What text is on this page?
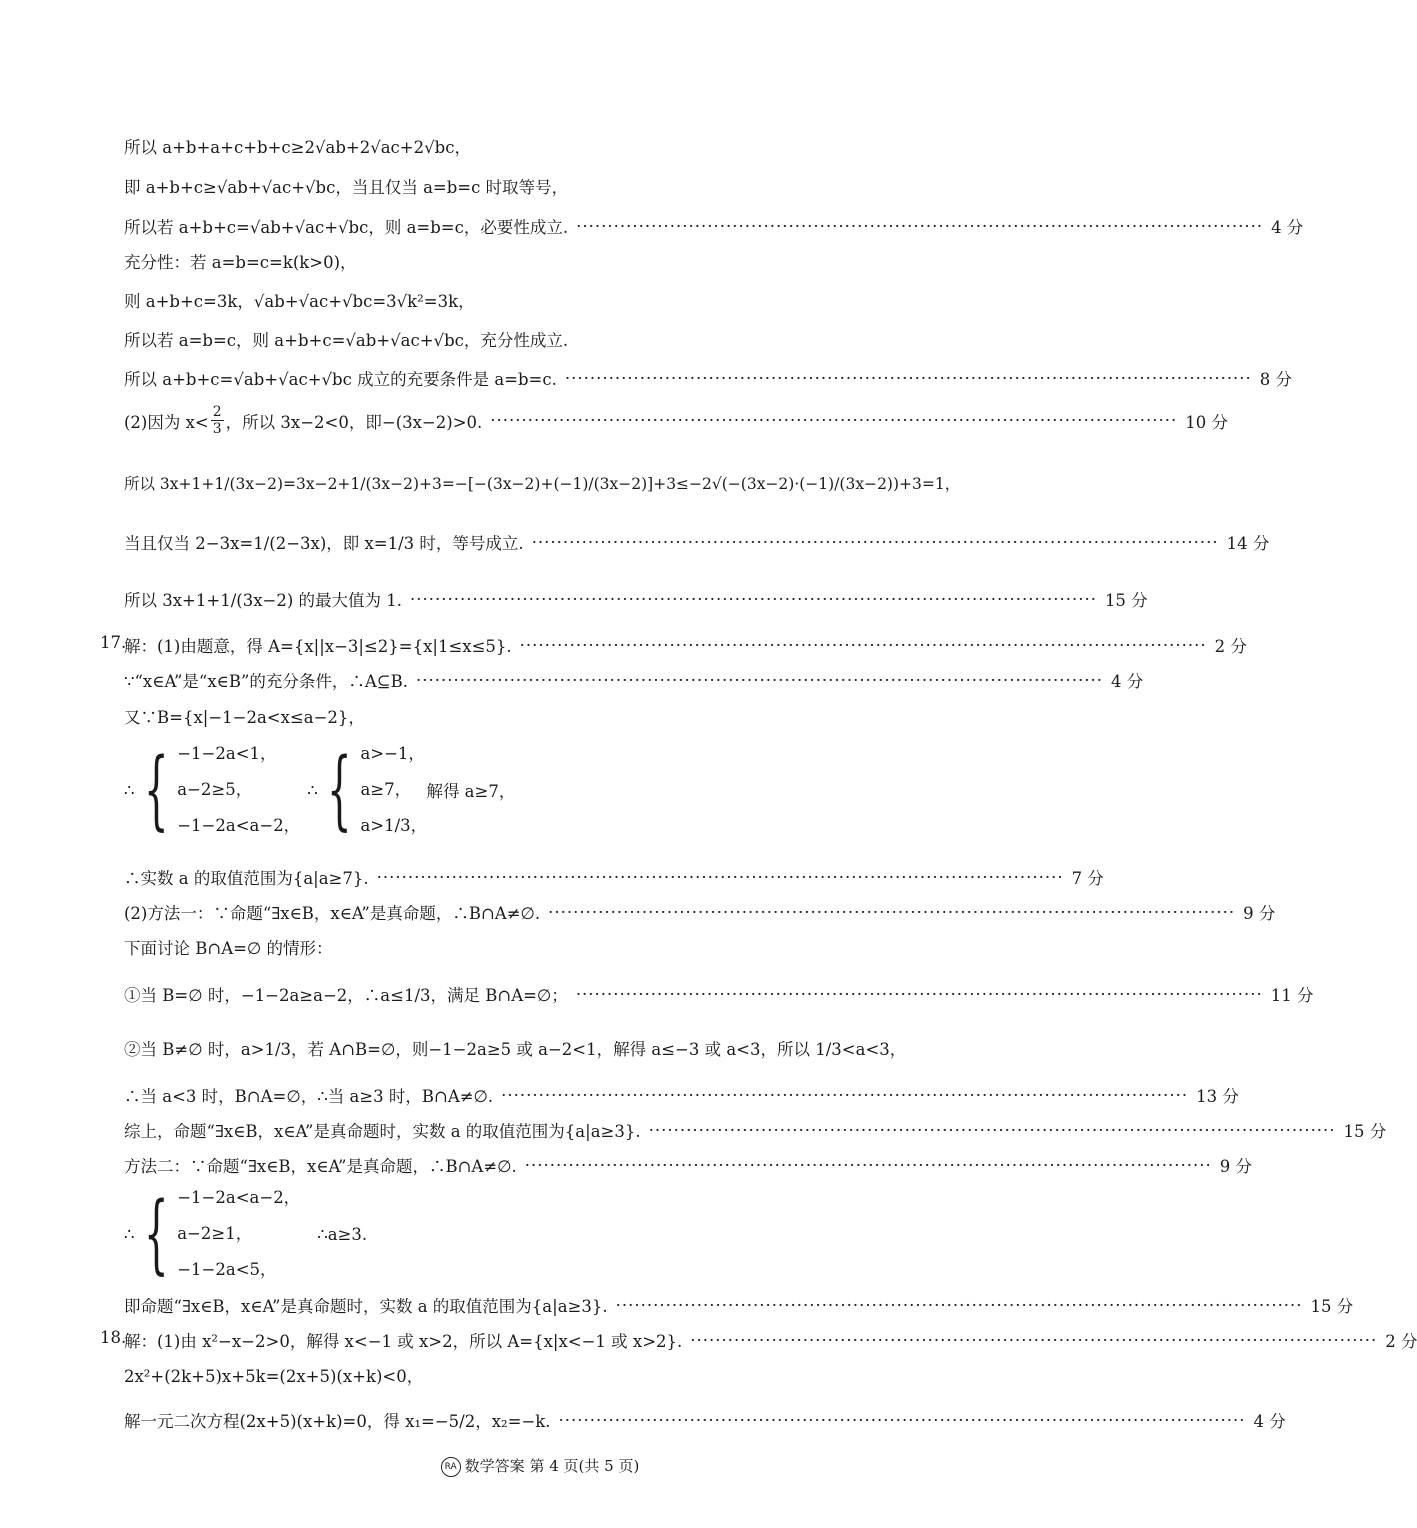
所以 a+b+a+c+b+c≥2√ab+2√ac+2√bc，
即 a+b+c≥√ab+√ac+√bc，当且仅当 a=b=c 时取等号，
所以若 a+b+c=√ab+√ac+√bc，则 a=b=c，必要性成立. ·············································································································· 4 分
充分性：若 a=b=c=k(k>0)，
则 a+b+c=3k，√ab+√ac+√bc=3√k²=3k，
所以若 a=b=c，则 a+b+c=√ab+√ac+√bc，充分性成立.
所以 a+b+c=√ab+√ac+√bc 成立的充要条件是 a=b=c. ·············································································································· 8 分
(2)因为 $x< \frac{2}{3}$ ，所以 3x−2<0，即−(3x−2)>0. ·············································································································· 10 分
所以 3x+1+1/(3x−2)=3x−2+1/(3x−2)+3=−[−(3x−2)+(−1)/(3x−2)]+3≤−2√(−(3x−2)·(−1)/(3x−2))+3=1，
当且仅当 2−3x=1/(2−3x)，即 x=1/3 时，等号成立. ·············································································································· 14 分
所以 3x+1+1/(3x−2) 的最大值为 1. ·············································································································· 15 分
17.
解：(1)由题意，得 A={x||x−3|≤2}={x|1≤x≤5}. ·············································································································· 2 分
∵“x∈A”是“x∈B”的充分条件，∴A⊆B. ·············································································································· 4 分
又∵B={x|−1−2a<x≤a−2}，
∴ { −1−2a<1，
a−2≥5，
−1−2a<a−2，
∴ { a>−1，
a≥7，
a>1/3，
解得 a≥7，
∴实数 a 的取值范围为{a|a≥7}. ·············································································································· 7 分
(2)方法一：∵命题“∃x∈B，x∈A”是真命题，∴B∩A≠∅. ·············································································································· 9 分
下面讨论 B∩A=∅ 的情形：
①当 B=∅ 时，−1−2a≥a−2，∴a≤1/3，满足 B∩A=∅； ·············································································································· 11 分
②当 B≠∅ 时，a>1/3，若 A∩B=∅，则−1−2a≥5 或 a−2<1，解得 a≤−3 或 a<3，所以 1/3<a<3，
∴当 a<3 时，B∩A=∅，∴当 a≥3 时，B∩A≠∅. ·············································································································· 13 分
综上，命题“∃x∈B，x∈A”是真命题时，实数 a 的取值范围为{a|a≥3}. ·············································································································· 15 分
方法二：∵命题“∃x∈B，x∈A”是真命题，∴B∩A≠∅. ·············································································································· 9 分
∴ { −1−2a<a−2，
a−2≥1，
−1−2a<5，
∴a≥3.
即命题“∃x∈B，x∈A”是真命题时，实数 a 的取值范围为{a|a≥3}. ·············································································································· 15 分
18.
解：(1)由 x²−x−2>0，解得 x<−1 或 x>2，所以 A={x|x<−1 或 x>2}. ·············································································································· 2 分
2x²+(2k+5)x+5k=(2x+5)(x+k)<0，
解一元二次方程(2x+5)(x+k)=0，得 x₁=−5/2，x₂=−k. ·············································································································· 4 分
RA 数学答案 第 4 页(共 5 页)
